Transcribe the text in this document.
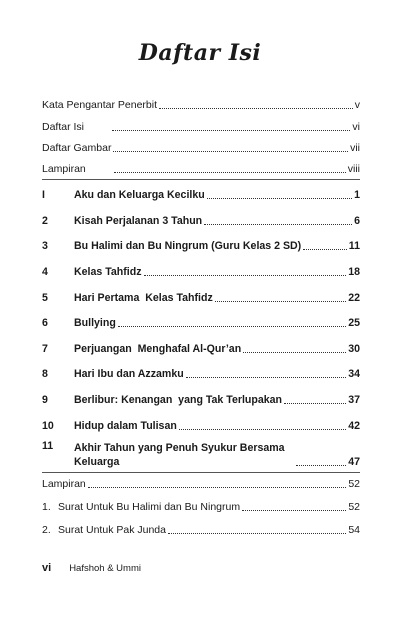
Daftar Isi
Kata Pengantar Penerbit	v
Daftar Isi	vi
Daftar Gambar	vii
Lampiran	viii
I	Aku dan Keluarga Kecilku	1
2	Kisah Perjalanan 3 Tahun	6
3	Bu Halimi dan Bu Ningrum (Guru Kelas 2 SD)	11
4	Kelas Tahfidz	18
5	Hari Pertama  Kelas Tahfidz	22
6	Bullying	25
7	Perjuangan  Menghafal Al-Qur’an	30
8	Hari Ibu dan Azzamku	34
9	Berlibur: Kenangan  yang Tak Terlupakan	37
10	Hidup dalam Tulisan	42
11	Akhir Tahun yang Penuh Syukur Bersama Keluarga	47
Lampiran	52
1. Surat Untuk Bu Halimi dan Bu Ningrum	52
2. Surat Untuk Pak Junda	54
vi Hafshoh & Ummi
